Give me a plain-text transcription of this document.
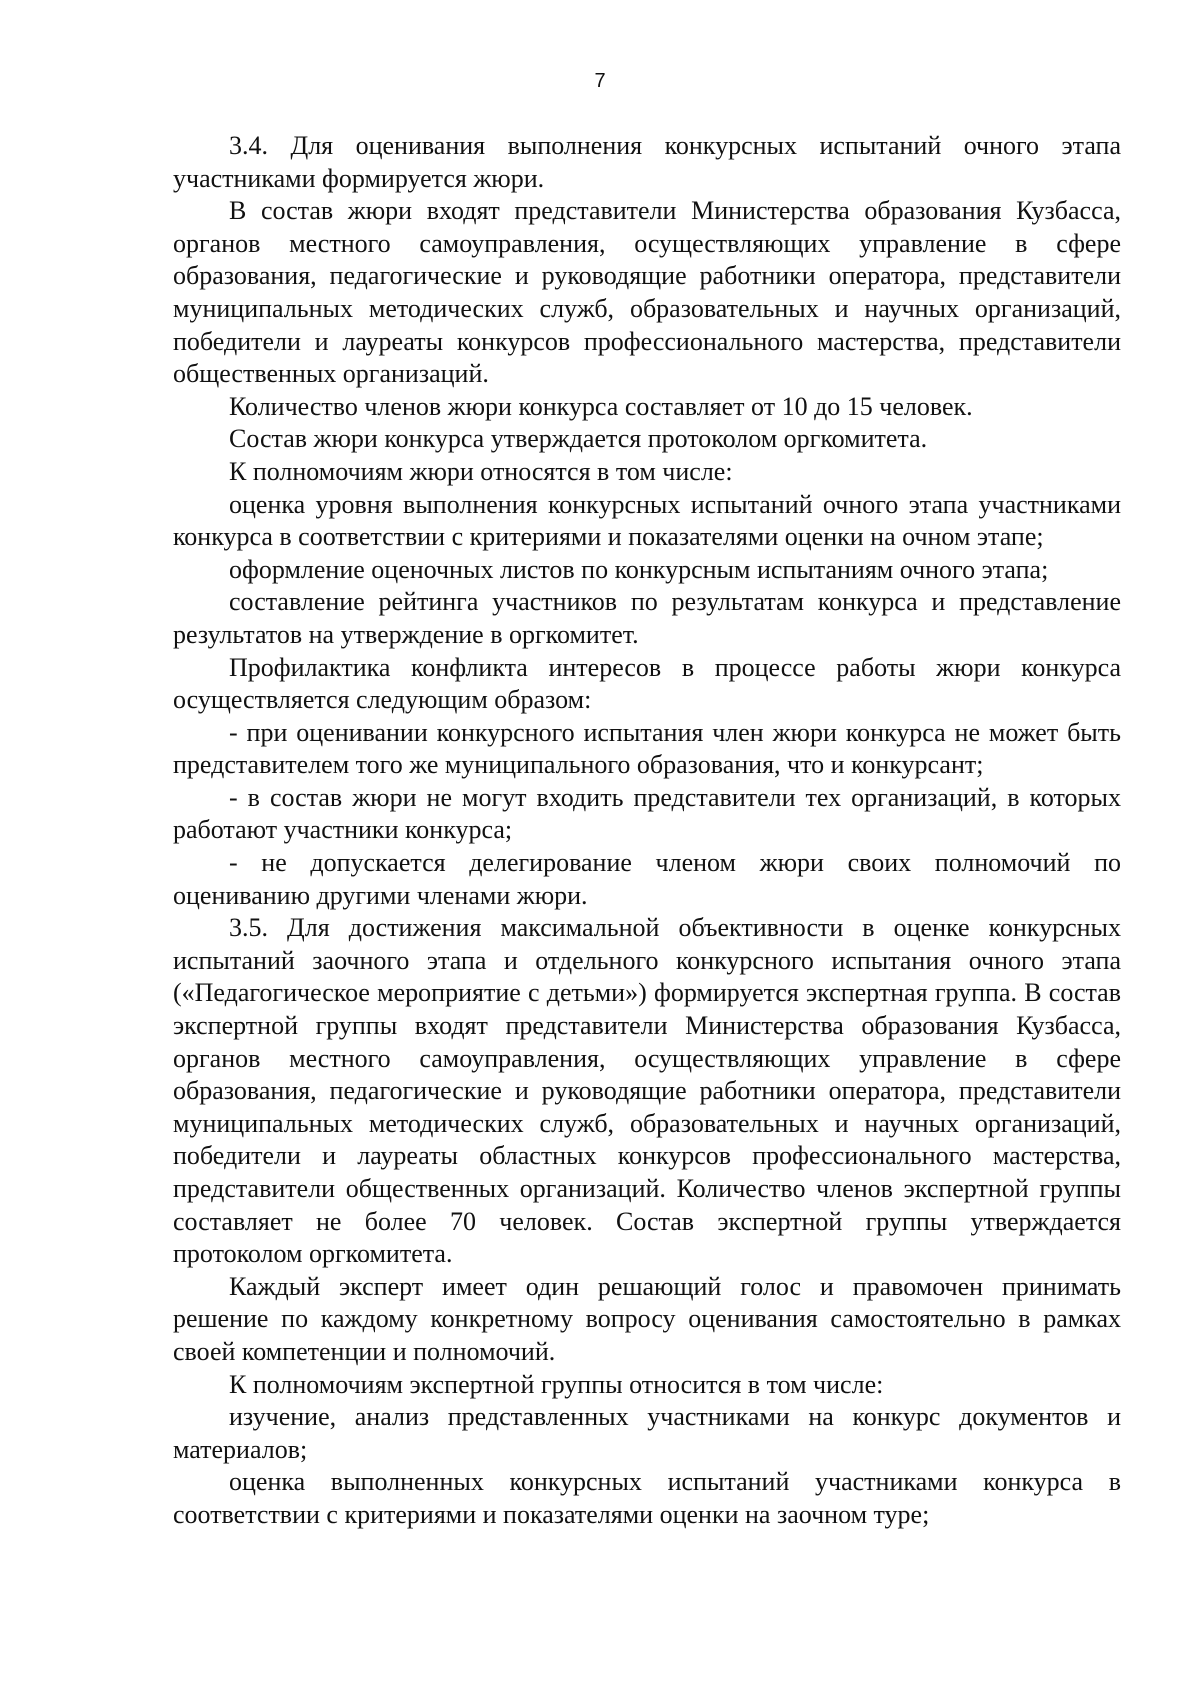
7

3.4. Для оценивания выполнения конкурсных испытаний очного этапа участниками формируется жюри.

В состав жюри входят представители Министерства образования Кузбасса, органов местного самоуправления, осуществляющих управление в сфере образования, педагогические и руководящие работники оператора, представители муниципальных методических служб, образовательных и научных организаций, победители и лауреаты конкурсов профессионального мастерства, представители общественных организаций.

Количество членов жюри конкурса составляет от 10 до 15 человек.

Состав жюри конкурса утверждается протоколом оргкомитета.

К полномочиям жюри относятся в том числе:

оценка уровня выполнения конкурсных испытаний очного этапа участниками конкурса в соответствии с критериями и показателями оценки на очном этапе;

оформление оценочных листов по конкурсным испытаниям очного этапа;

составление рейтинга участников по результатам конкурса и представление результатов на утверждение в оргкомитет.

Профилактика конфликта интересов в процессе работы жюри конкурса осуществляется следующим образом:

- при оценивании конкурсного испытания член жюри конкурса не может быть представителем того же муниципального образования, что и конкурсант;

- в состав жюри не могут входить представители тех организаций, в которых работают участники конкурса;

- не допускается делегирование членом жюри своих полномочий по оцениванию другими членами жюри.

3.5. Для достижения максимальной объективности в оценке конкурсных испытаний заочного этапа и отдельного конкурсного испытания очного этапа («Педагогическое мероприятие с детьми») формируется экспертная группа. В состав экспертной группы входят представители Министерства образования Кузбасса, органов местного самоуправления, осуществляющих управление в сфере образования, педагогические и руководящие работники оператора, представители муниципальных методических служб, образовательных и научных организаций, победители и лауреаты областных конкурсов профессионального мастерства, представители общественных организаций. Количество членов экспертной группы составляет не более 70 человек. Состав экспертной группы утверждается протоколом оргкомитета.

Каждый эксперт имеет один решающий голос и правомочен принимать решение по каждому конкретному вопросу оценивания самостоятельно в рамках своей компетенции и полномочий.

К полномочиям экспертной группы относится в том числе:

изучение, анализ представленных участниками на конкурс документов и материалов;

оценка выполненных конкурсных испытаний участниками конкурса в соответствии с критериями и показателями оценки на заочном туре;
